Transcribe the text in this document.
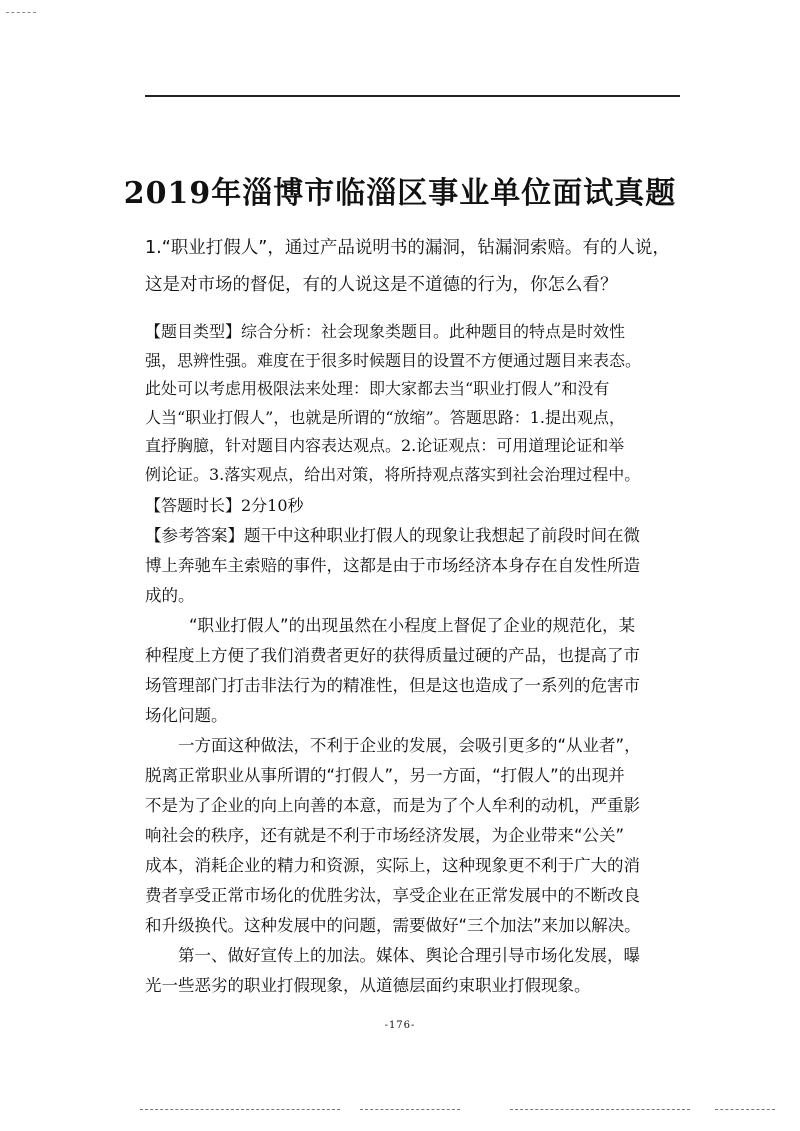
2019年淄博市临淄区事业单位面试真题
1.“职业打假人”，通过产品说明书的漏洞，钻漏洞索赔。有的人说，
这是对市场的督促，有的人说这是不道德的行为，你怎么看？
【题目类型】综合分析：社会现象类题目。此种题目的特点是时效性
强，思辨性强。难度在于很多时候题目的设置不方便通过题目来表态。
此处可以考虑用极限法来处理：即大家都去当“职业打假人”和没有
人当“职业打假人”，也就是所谓的“放缩”。答题思路：1.提出观点，
直抒胸臆，针对题目内容表达观点。2.论证观点：可用道理论证和举
例论证。3.落实观点，给出对策，将所持观点落实到社会治理过程中。
【答题时长】2分10秒
【参考答案】题干中这种职业打假人的现象让我想起了前段时间在微
博上奔驰车主索赔的事件，这都是由于市场经济本身存在自发性所造
成的。
“职业打假人”的出现虽然在小程度上督促了企业的规范化，某
种程度上方便了我们消费者更好的获得质量过硬的产品，也提高了市
场管理部门打击非法行为的精准性，但是这也造成了一系列的危害市
场化问题。
一方面这种做法，不利于企业的发展，会吸引更多的“从业者”，
脱离正常职业从事所谓的“打假人”，另一方面，“打假人”的出现并
不是为了企业的向上向善的本意，而是为了个人牟利的动机，严重影
响社会的秩序，还有就是不利于市场经济发展，为企业带来“公关”
成本，消耗企业的精力和资源，实际上，这种现象更不利于广大的消
费者享受正常市场化的优胜劣汰，享受企业在正常发展中的不断改良
和升级换代。这种发展中的问题，需要做好“三个加法”来加以解决。
第一、做好宣传上的加法。媒体、舆论合理引导市场化发展，曝
光一些恶劣的职业打假现象，从道德层面约束职业打假现象。
-176-
